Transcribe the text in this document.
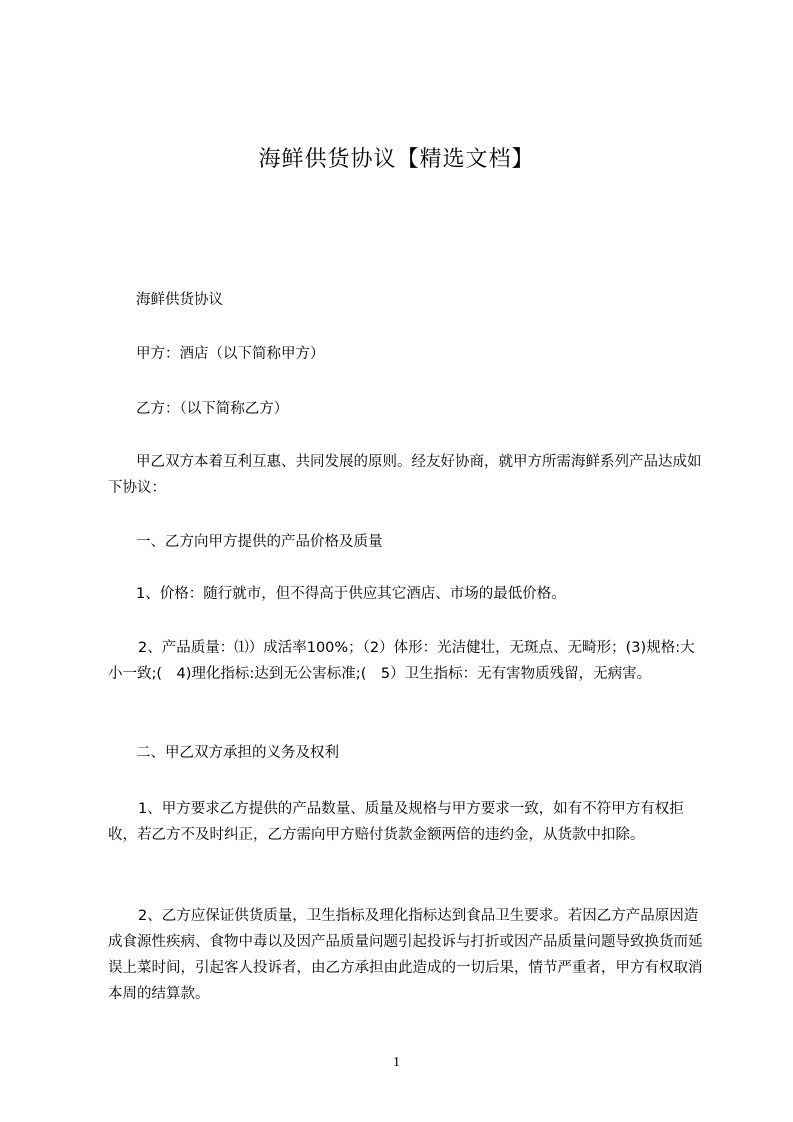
海鲜供货协议【精选文档】

海鲜供货协议

甲方：酒店（以下简称甲方）

乙方：（以下简称乙方）

甲乙双方本着互利互惠、共同发展的原则。经友好协商，就甲方所需海鲜系列产品达成如下协议：

一、乙方向甲方提供的产品价格及质量

1、价格：随行就市，但不得高于供应其它酒店、市场的最低价格。

2、产品质量：⑴）成活率100%；（2）体形：光洁健壮，无斑点、无畸形；(3)规格:大小一致;(　4)理化指标:达到无公害标准;(　5）卫生指标：无有害物质残留，无病害。

二、甲乙双方承担的义务及权利

1、甲方要求乙方提供的产品数量、质量及规格与甲方要求一致，如有不符甲方有权拒收，若乙方不及时纠正，乙方需向甲方赔付货款金额两倍的违约金，从货款中扣除。

2、乙方应保证供货质量，卫生指标及理化指标达到食品卫生要求。若因乙方产品原因造成食源性疾病、食物中毒以及因产品质量问题引起投诉与打折或因产品质量问题导致换货而延误上菜时间，引起客人投诉者，由乙方承担由此造成的一切后果，情节严重者，甲方有权取消本周的结算款。

1
